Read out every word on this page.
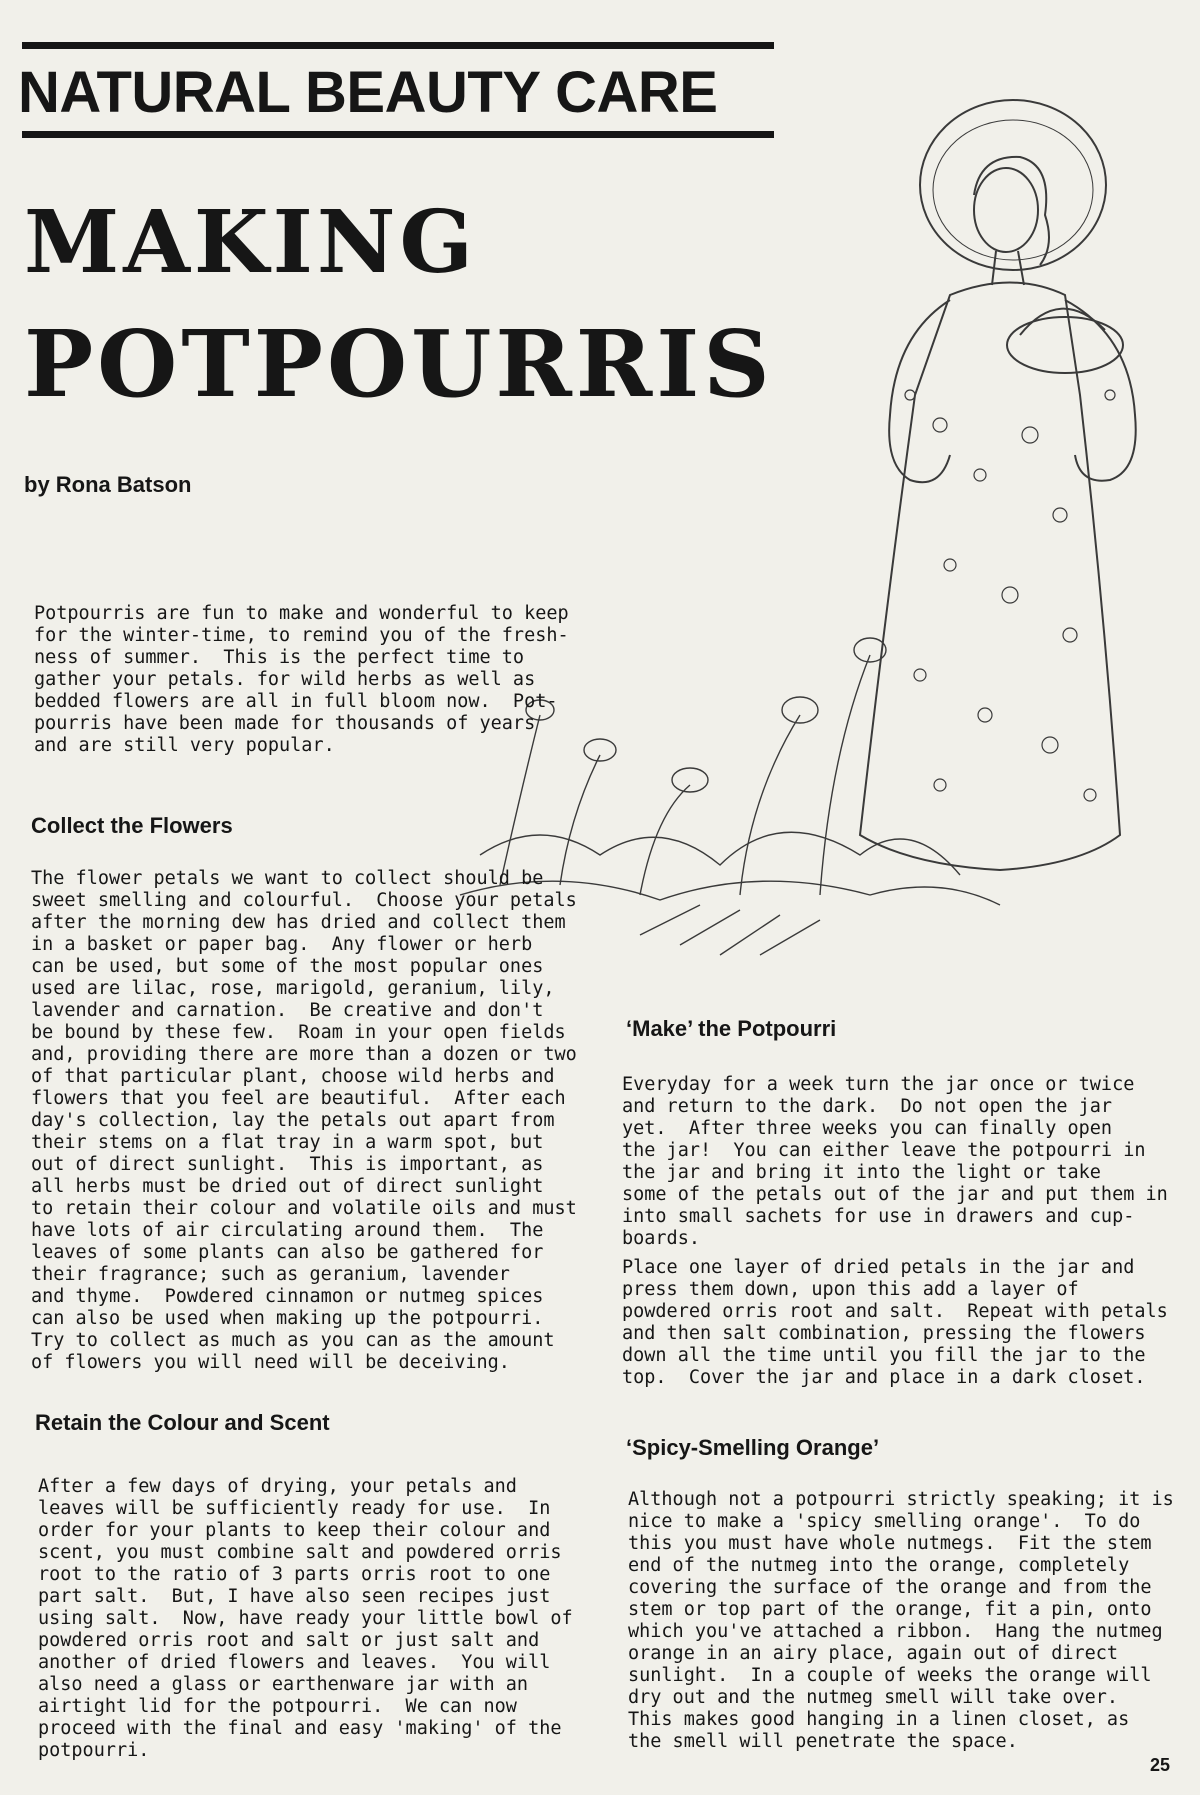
NATURAL BEAUTY CARE
MAKING
POTPOURRIS
by Rona Batson
Potpourris are fun to make and wonderful to keep
for the winter-time, to remind you of the fresh-
ness of summer.  This is the perfect time to
gather your petals. for wild herbs as well as
bedded flowers are all in full bloom now.  Pot-
pourris have been made for thousands of years
and are still very popular.
Collect the Flowers
The flower petals we want to collect should be
sweet smelling and colourful.  Choose your petals
after the morning dew has dried and collect them
in a basket or paper bag.  Any flower or herb
can be used, but some of the most popular ones
used are lilac, rose, marigold, geranium, lily,
lavender and carnation.  Be creative and don't
be bound by these few.  Roam in your open fields
and, providing there are more than a dozen or two
of that particular plant, choose wild herbs and
flowers that you feel are beautiful.  After each
day's collection, lay the petals out apart from
their stems on a flat tray in a warm spot, but
out of direct sunlight.  This is important, as
all herbs must be dried out of direct sunlight
to retain their colour and volatile oils and must
have lots of air circulating around them.  The
leaves of some plants can also be gathered for
their fragrance; such as geranium, lavender
and thyme.  Powdered cinnamon or nutmeg spices
can also be used when making up the potpourri.
Try to collect as much as you can as the amount
of flowers you will need will be deceiving.
Retain the Colour and Scent
After a few days of drying, your petals and
leaves will be sufficiently ready for use.  In
order for your plants to keep their colour and
scent, you must combine salt and powdered orris
root to the ratio of 3 parts orris root to one
part salt.  But, I have also seen recipes just
using salt.  Now, have ready your little bowl of
powdered orris root and salt or just salt and
another of dried flowers and leaves.  You will
also need a glass or earthenware jar with an
airtight lid for the potpourri.  We can now
proceed with the final and easy 'making' of the
potpourri.
‘Make’ the Potpourri
Everyday for a week turn the jar once or twice
and return to the dark.  Do not open the jar
yet.  After three weeks you can finally open
the jar!  You can either leave the potpourri in
the jar and bring it into the light or take
some of the petals out of the jar and put them in
into small sachets for use in drawers and cup-
boards.
Place one layer of dried petals in the jar and
press them down, upon this add a layer of
powdered orris root and salt.  Repeat with petals
and then salt combination, pressing the flowers
down all the time until you fill the jar to the
top.  Cover the jar and place in a dark closet.
‘Spicy-Smelling Orange’
Although not a potpourri strictly speaking; it is
nice to make a 'spicy smelling orange'.  To do
this you must have whole nutmegs.  Fit the stem
end of the nutmeg into the orange, completely
covering the surface of the orange and from the
stem or top part of the orange, fit a pin, onto
which you've attached a ribbon.  Hang the nutmeg
orange in an airy place, again out of direct
sunlight.  In a couple of weeks the orange will
dry out and the nutmeg smell will take over.
This makes good hanging in a linen closet, as
the smell will penetrate the space.
25
